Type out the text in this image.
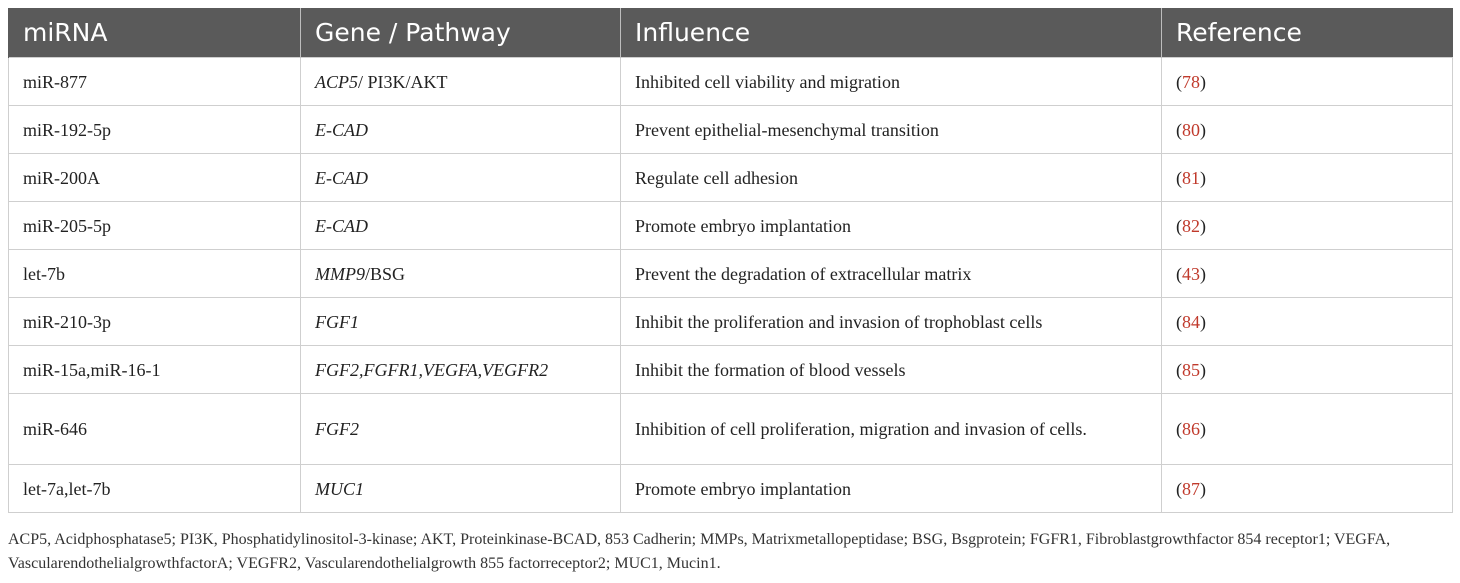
miRNA	Gene / Pathway	Influence	Reference
miR-877	ACP5/ PI3K/AKT	Inhibited cell viability and migration	(78)
miR-192-5p	E-CAD	Prevent epithelial-mesenchymal transition	(80)
miR-200A	E-CAD	Regulate cell adhesion	(81)
miR-205-5p	E-CAD	Promote embryo implantation	(82)
let-7b	MMP9/BSG	Prevent the degradation of extracellular matrix	(43)
miR-210-3p	FGF1	Inhibit the proliferation and invasion of trophoblast cells	(84)
miR-15a,miR-16-1	FGF2,FGFR1,VEGFA,VEGFR2	Inhibit the formation of blood vessels	(85)
miR-646	FGF2	Inhibition of cell proliferation, migration and invasion of cells.	(86)
let-7a,let-7b	MUC1	Promote embryo implantation	(87)
ACP5, Acidphosphatase5; PI3K, Phosphatidylinositol-3-kinase; AKT, Proteinkinase-BCAD, 853 Cadherin; MMPs, Matrixmetallopeptidase; BSG, Bsgprotein; FGFR1, Fibroblastgrowthfactor 854 receptor1; VEGFA, VascularendothelialgrowthfactorA; VEGFR2, Vascularendothelialgrowth 855 factorreceptor2; MUC1, Mucin1.
